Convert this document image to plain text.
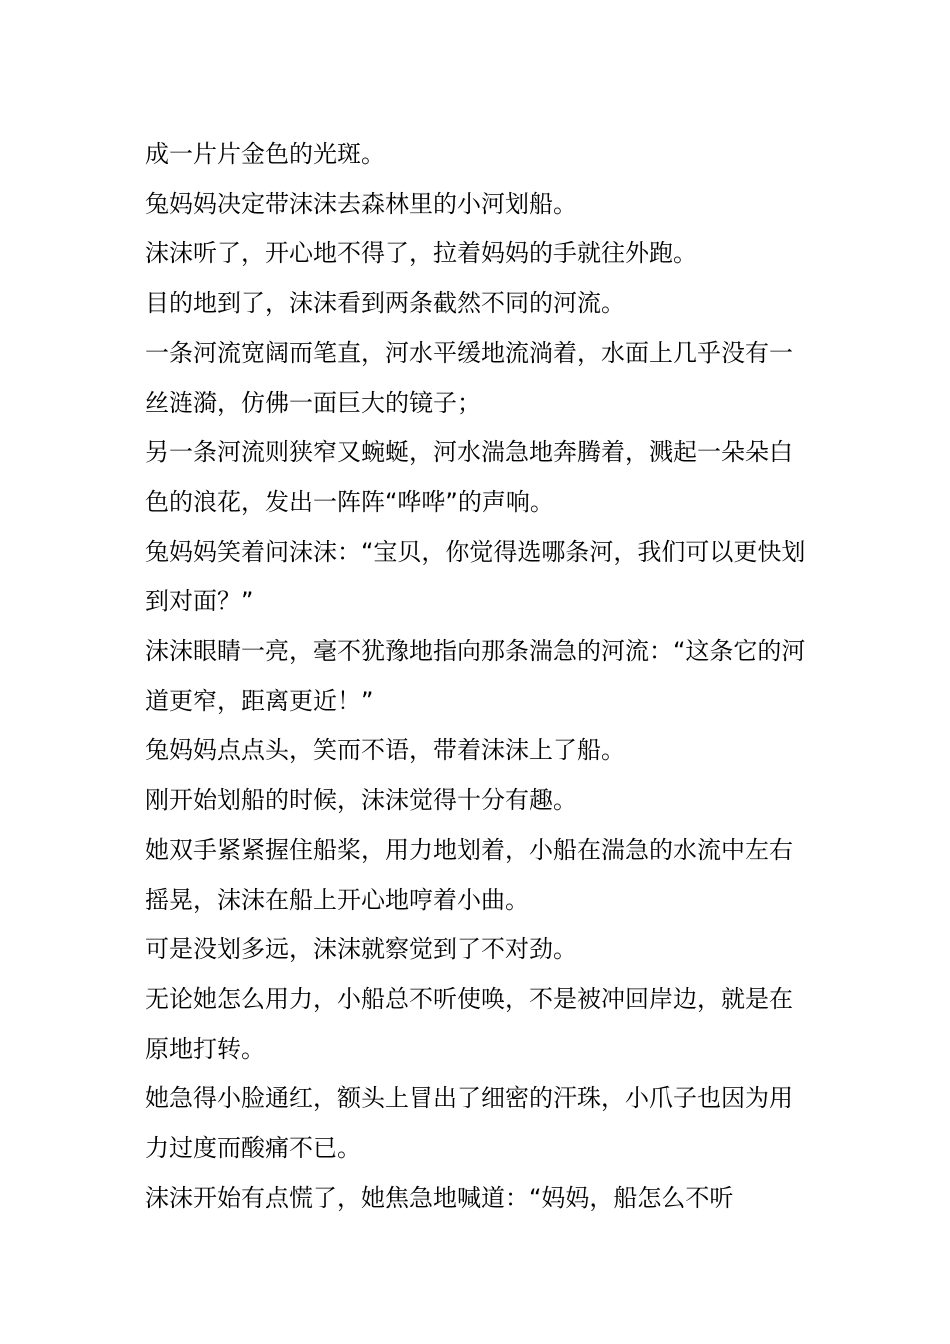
成一片片金色的光斑。

兔妈妈决定带沫沫去森林里的小河划船。

沫沫听了，开心地不得了，拉着妈妈的手就往外跑。

目的地到了，沫沫看到两条截然不同的河流。

一条河流宽阔而笔直，河水平缓地流淌着，水面上几乎没有一丝涟漪，仿佛一面巨大的镜子；

另一条河流则狭窄又蜿蜒，河水湍急地奔腾着，溅起一朵朵白色的浪花，发出一阵阵“哗哗”的声响。

兔妈妈笑着问沫沫：“宝贝，你觉得选哪条河，我们可以更快划到对面？”

沫沫眼睛一亮，毫不犹豫地指向那条湍急的河流：“这条它的河道更窄，距离更近！”

兔妈妈点点头，笑而不语，带着沫沫上了船。

刚开始划船的时候，沫沫觉得十分有趣。

她双手紧紧握住船桨，用力地划着，小船在湍急的水流中左右摇晃，沫沫在船上开心地哼着小曲。

可是没划多远，沫沫就察觉到了不对劲。

无论她怎么用力，小船总不听使唤，不是被冲回岸边，就是在原地打转。

她急得小脸通红，额头上冒出了细密的汗珠，小爪子也因为用力过度而酸痛不已。

沫沫开始有点慌了，她焦急地喊道：“妈妈，船怎么不听
